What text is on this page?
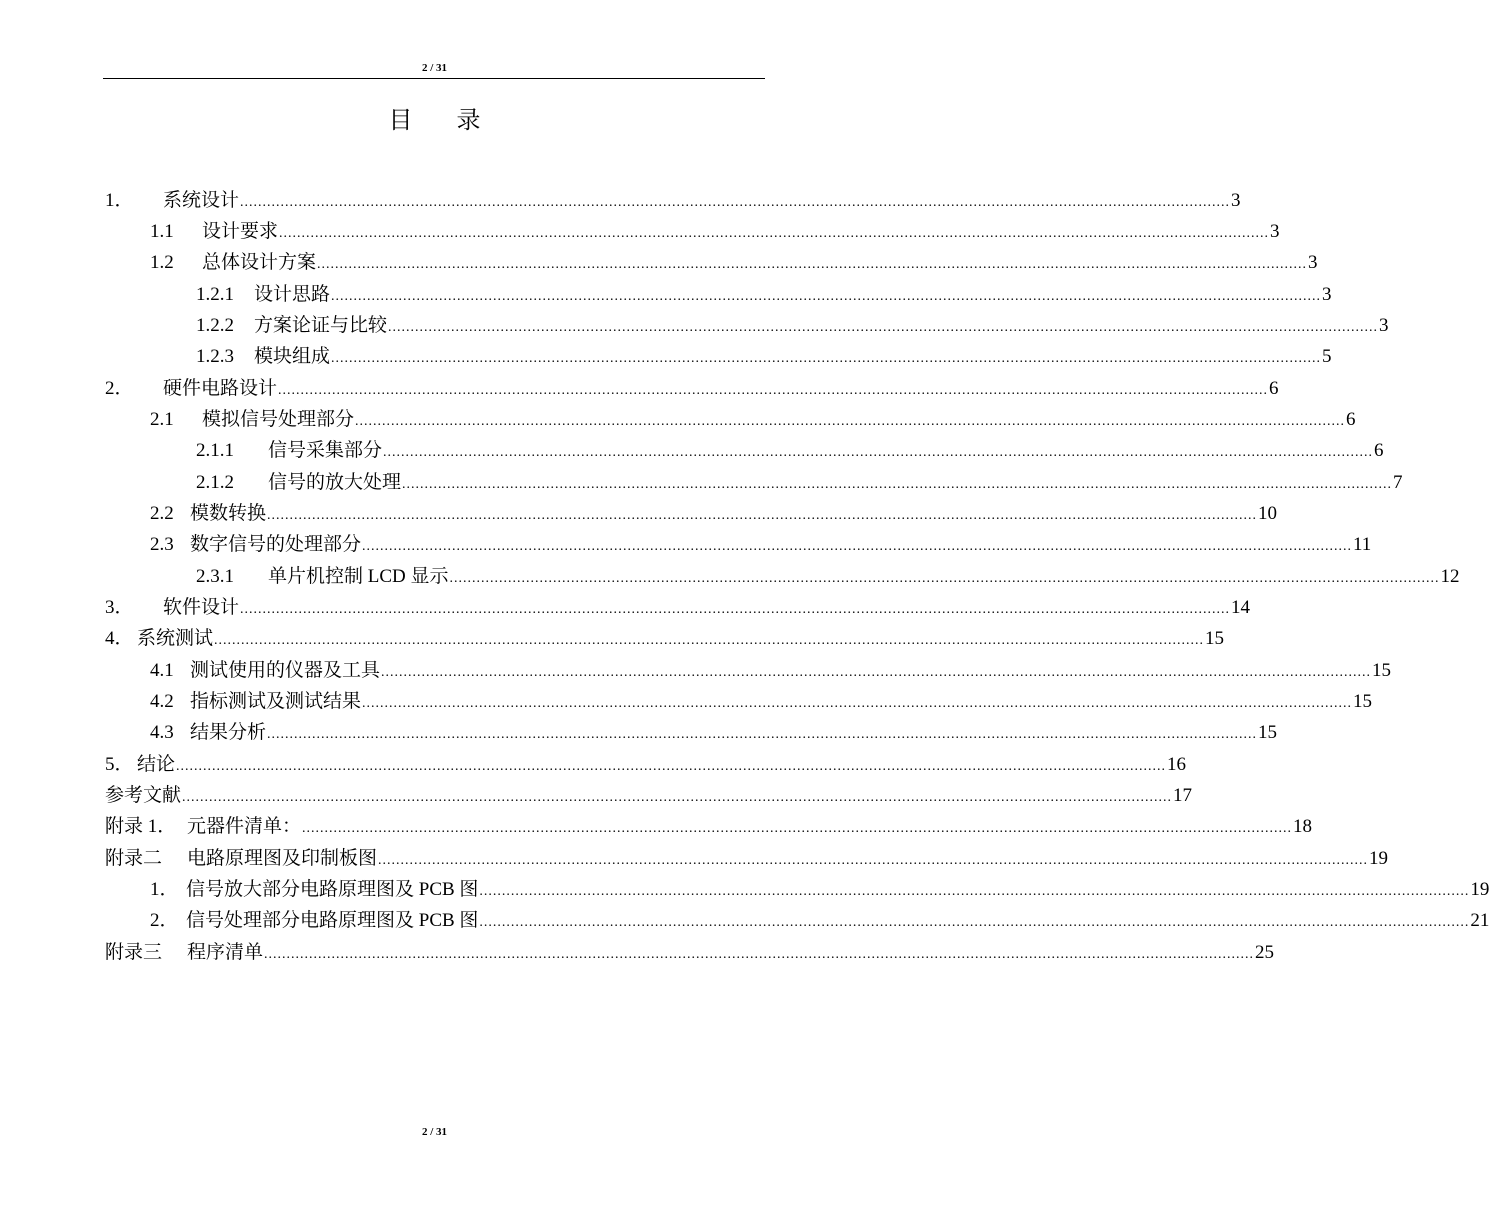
2 / 31
目 录
1．	系统设计 ............................................................................................................................................................................................................................ 3
1.1	设计要求 ............................................................................................................................................................................................................................ 3
1.2	总体设计方案 ............................................................................................................................................................................................................................ 3
1.2.1	设计思路 ............................................................................................................................................................................................................................ 3
1.2.2	方案论证与比较 ............................................................................................................................................................................................................................ 3
1.2.3	模块组成 ............................................................................................................................................................................................................................ 5
2．	硬件电路设计 ............................................................................................................................................................................................................................ 6
2.1	模拟信号处理部分 ............................................................................................................................................................................................................................ 6
2.1.1	信号采集部分 ............................................................................................................................................................................................................................ 6
2.1.2	信号的放大处理 ............................................................................................................................................................................................................................ 7
2.2 模数转换 ............................................................................................................................................................................................................................ 10
2.3 数字信号的处理部分 ............................................................................................................................................................................................................................ 11
2.3.1	单片机控制 LCD 显示 ............................................................................................................................................................................................................................ 12
3．	软件设计 ............................................................................................................................................................................................................................ 14
4． 系统测试 ............................................................................................................................................................................................................................ 15
4.1 测试使用的仪器及工具 ............................................................................................................................................................................................................................ 15
4.2 指标测试及测试结果 ............................................................................................................................................................................................................................ 15
4.3 结果分析 ............................................................................................................................................................................................................................ 15
5． 结论 ............................................................................................................................................................................................................................ 16
参考文献 ............................................................................................................................................................................................................................ 17
附录 1． 元器件清单： ............................................................................................................................................................................................................................ 18
附录二	电路原理图及印制板图 ............................................................................................................................................................................................................................ 19
1． 信号放大部分电路原理图及 PCB 图 ............................................................................................................................................................................................................................ 19
2． 信号处理部分电路原理图及 PCB 图 ............................................................................................................................................................................................................................ 21
附录三	程序清单 ............................................................................................................................................................................................................................ 25
2 / 31
